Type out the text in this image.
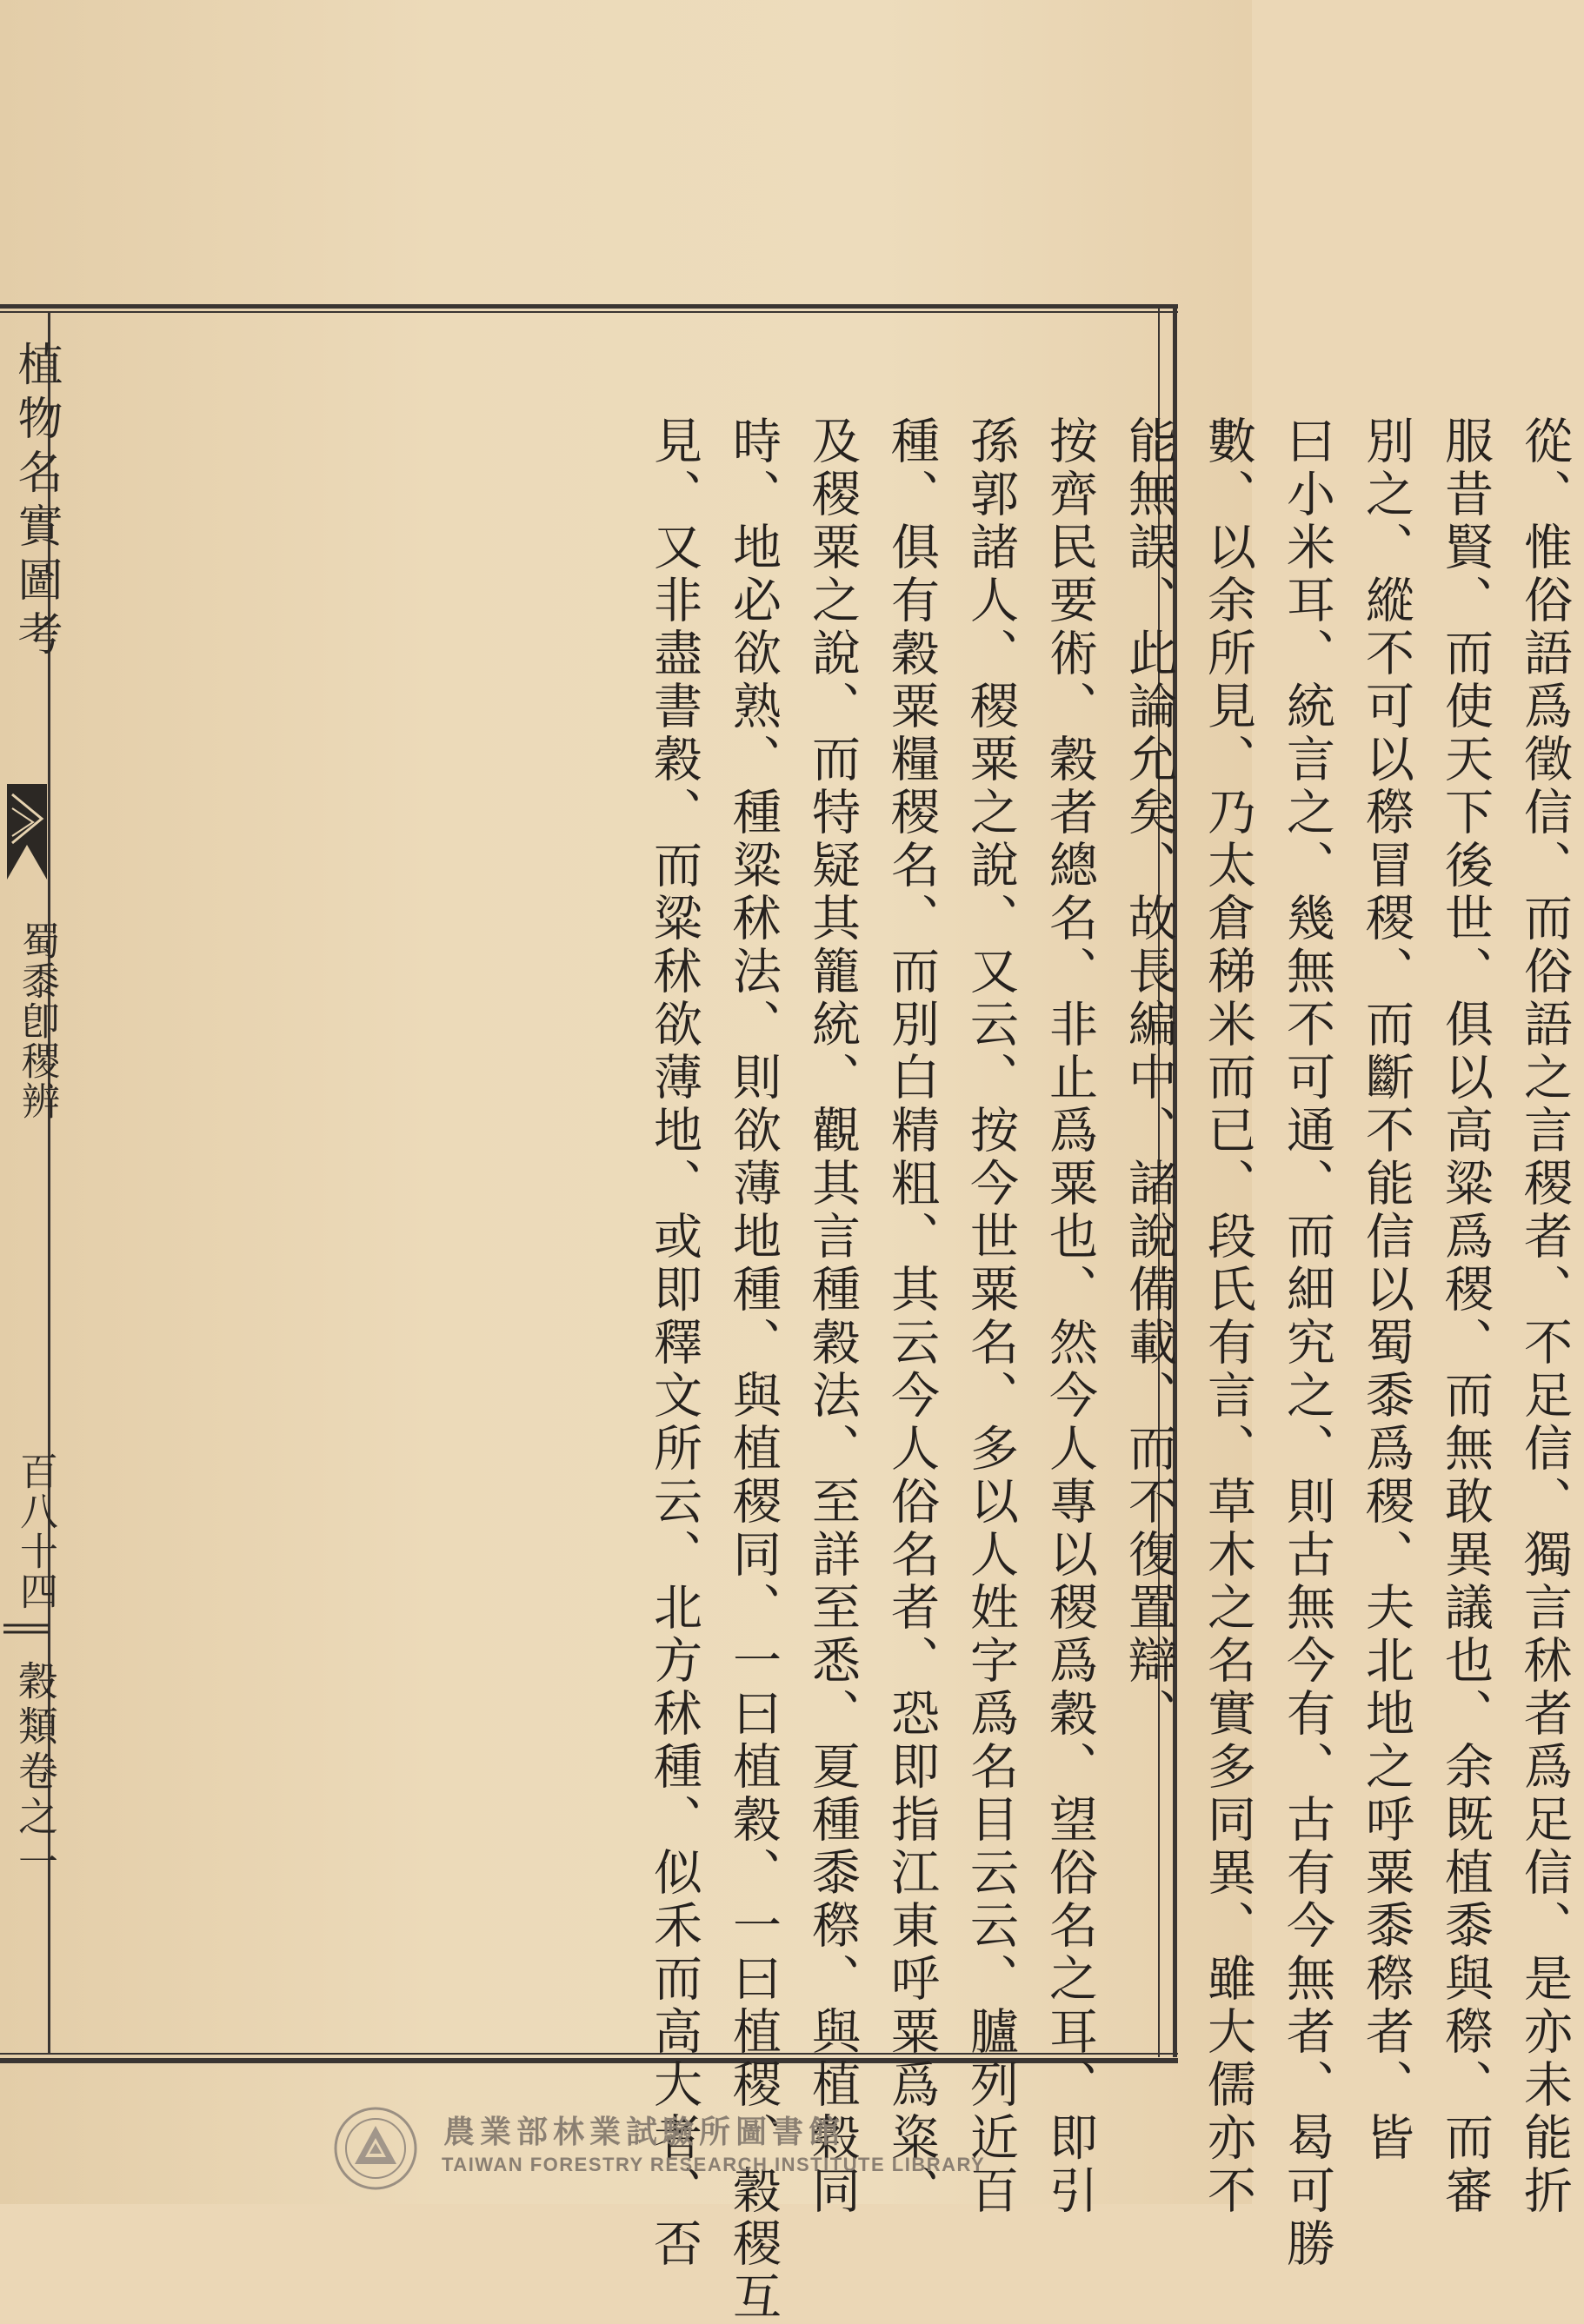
植物名實圖考
蜀黍卽稷辨
百八十四
穀類卷之一	從、惟俗語爲徵信、而俗語之言稷者、不足信、獨言秫者爲足信、是亦未能折
服昔賢、而使天下後世、俱以高粱爲稷、而無敢異議也、余既植黍與穄、而審
別之、縱不可以穄冒稷、而斷不能信以蜀黍爲稷、夫北地之呼粟黍穄者、皆
曰小米耳、統言之、幾無不可通、而細究之、則古無今有、古有今無者、曷可勝
數、以余所見、乃太倉稊米而已、段氏有言、草木之名實多同異、雖大儒亦不
能無誤、此論允矣、故長編中、諸說備載、而不復置辯、
按齊民要術、穀者總名、非止爲粟也、然今人專以稷爲穀、望俗名之耳、即引
孫郭諸人、稷粟之說、又云、按今世粟名、多以人姓字爲名目云云、臚列近百
種、俱有穀粟糧稷名、而別白精粗、其云今人俗名者、恐即指江東呼粟爲粢、
及稷粟之說、而特疑其籠統、觀其言種穀法、至詳至悉、夏種黍穄、與植穀同
時、地必欲熟、種粱秫法、則欲薄地種、與植稷同、一曰植穀、一曰植稷、穀稷互
見、又非盡書穀、而粱秫欲薄地、或即釋文所云、北方秫種、似禾而高大者、否
農業部林業試驗所圖書館
TAIWAN FORESTRY RESEARCH INSTITUTE LIBRARY
